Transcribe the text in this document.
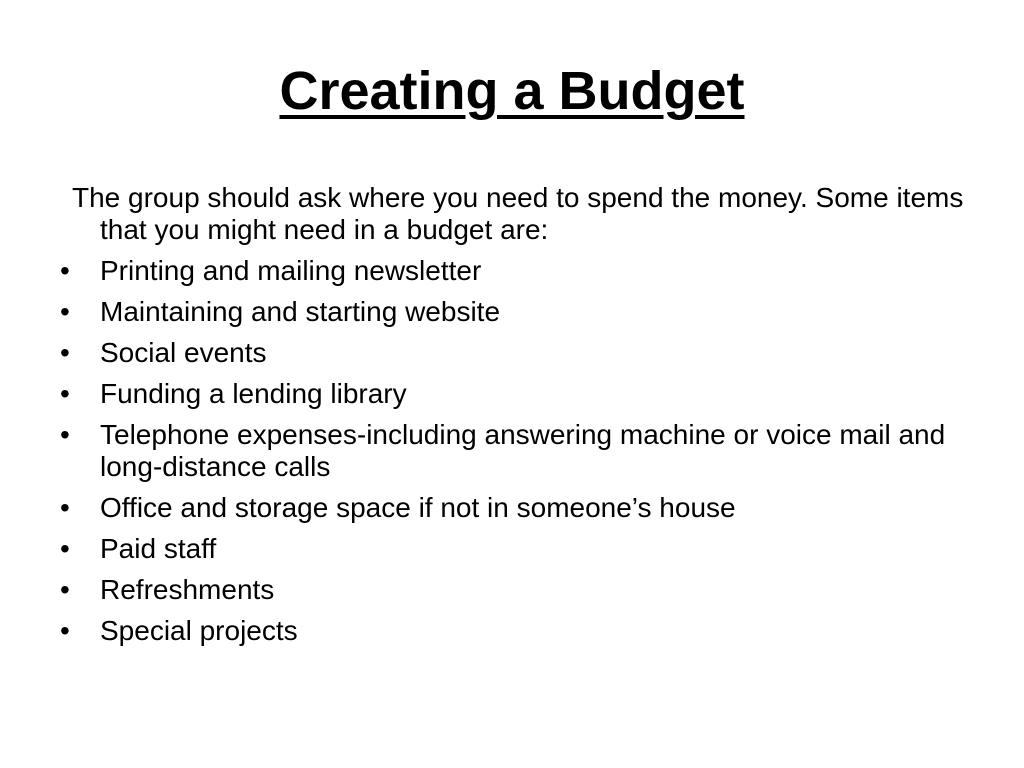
Creating a Budget

The group should ask where you need to spend the money. Some items that you might need in a budget are:

• Printing and mailing newsletter
• Maintaining and starting website
• Social events
• Funding a lending library
• Telephone expenses-including answering machine or voice mail and long-distance calls
• Office and storage space if not in someone’s house
• Paid staff
• Refreshments
• Special projects
